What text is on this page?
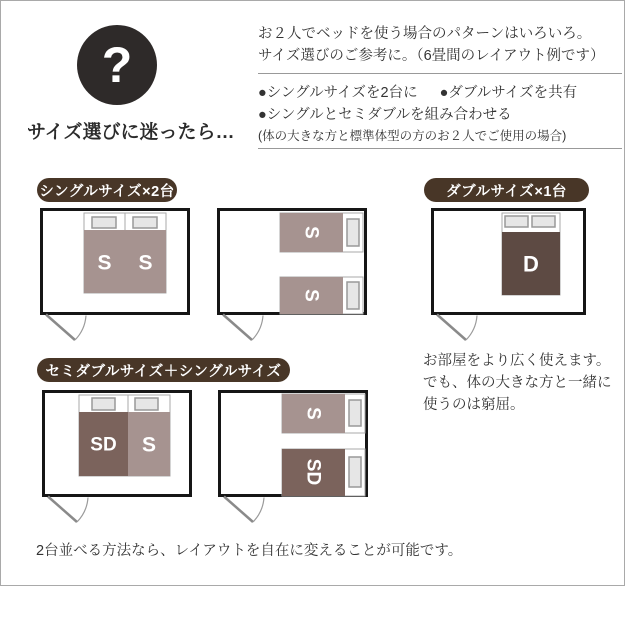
?
サイズ選びに迷ったら…
お２人でベッドを使う場合のパターンはいろいろ。
サイズ選びのご参考に。（6畳間のレイアウト例です）
●シングルサイズを2台に ●ダブルサイズを共有
●シングルとセミダブルを組み合わせる
(体の大きな方と標準体型の方のお２人でご使用の場合)
シングルサイズ×2台	ダブルサイズ×1台
セミダブルサイズ＋シングルサイズ
S S
S
S
D
SD S
S
SD
お部屋をより広く使えます。
でも、体の大きな方と一緒に
使うのは窮屈。
2台並べる方法なら、レイアウトを自在に変えることが可能です。
